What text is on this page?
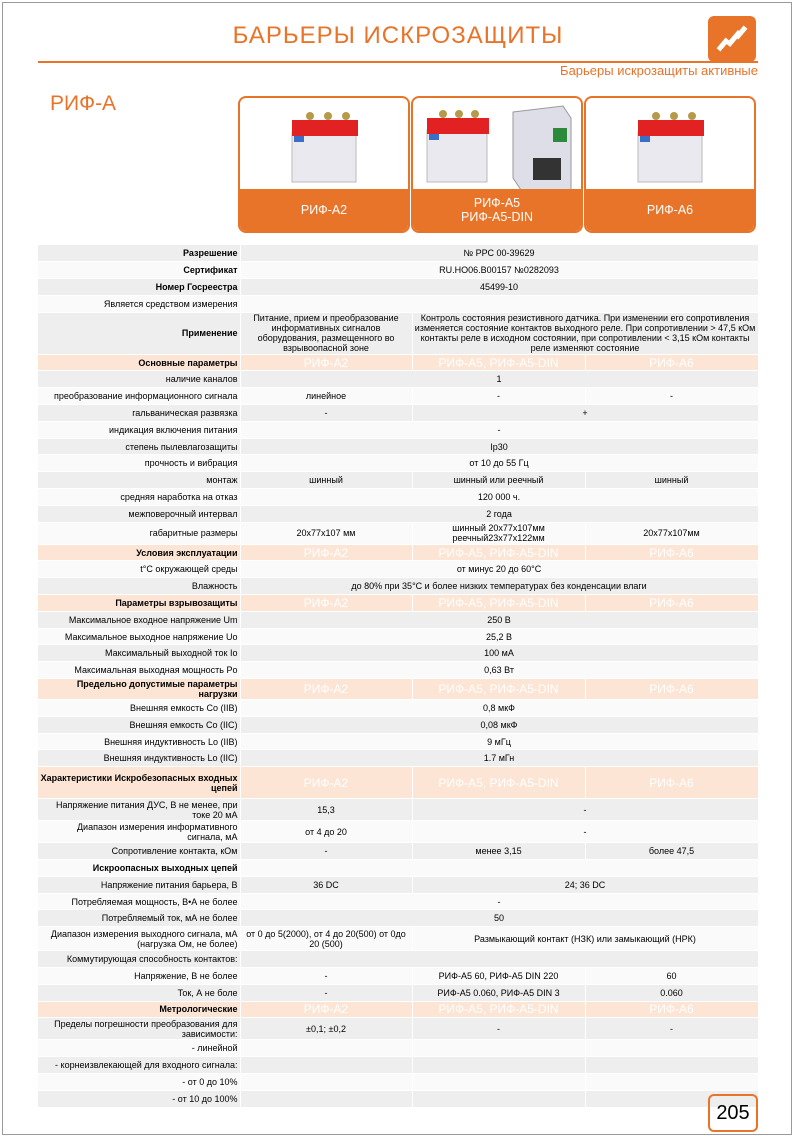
БАРЬЕРЫ ИСКРОЗАЩИТЫ
Барьеры искрозащиты активные
РИФ-А
РИФ-А2	РИФ-А5
РИФ-А5-DIN	РИФ-А6
Разрешение	№ РРС 00-39629		
Сертификат	RU.HO06.B00157 №0282093		
Номер Госреестра	45499-10		
Является средством измерения			
Применение	Питание, прием и преобразование информативных сигналов оборудования, размещенного во взрывоопасной зоне	Контроль состояния резистивного датчика. При изменении его сопротивления изменяется состояние контактов выходного реле. При сопротивлении > 47,5 кОм контакты реле в исходном состоянии, при сопротивлении < 3,15 кОм контакты реле изменяют состояние	
Основные параметры	РИФ-А2	РИФ-А5, РИФ-А5-DIN	РИФ-А6
наличие каналов	1		
преобразование информационного сигнала	линейное	-	-
гальваническая развязка	-	+	
индикация включения питания	-		
степень пылевлагозащиты	Ip30		
прочность и вибрация	от 10 до 55 Гц		
монтаж	шинный	шинный или реечный	шинный
средняя наработка на отказ	120 000 ч.		
межповерочный интервал	2 года		
габаритные размеры	20x77x107 мм	шинный 20x77x107мм реечный23x77x122мм	20x77x107мм
Условия эксплуатации	РИФ-А2	РИФ-А5, РИФ-А5-DIN	РИФ-А6
t°С окружающей среды	от минус 20 до 60°С		
Влажность	до 80% при 35°С и более низких температурах без конденсации влаги		
Параметры взрывозащиты	РИФ-А2	РИФ-А5, РИФ-А5-DIN	РИФ-А6
Максимальное входное напряжение Um	250 В		
Максимальное выходное напряжение Uo	25,2 В		
Максимальный выходной ток Io	100 мА		
Максимальная выходная мощность Po	0,63 Вт		
Предельно допустимые параметры нагрузки	РИФ-А2	РИФ-А5, РИФ-А5-DIN	РИФ-А6
Внешняя емкость Co (IIB)	0,8 мкФ		
Внешняя емкость Co (IIC)	0,08 мкФ		
Внешняя индуктивность Lo (IIB)	9 мГц		
Внешняя индуктивность Lo (IIC)	1.7 мГн		
Характеристики Искробезопасных входных цепей	РИФ-А2	РИФ-А5, РИФ-А5-DIN	РИФ-А6
Напряжение питания ДУС, В не менее, при токе 20 мА	15,3	-	
Диапазон измерения информативного сигнала, мА	от 4 до 20	-	
Сопротивление контакта, кОм	-	менее 3,15	более 47,5
Искроопасных выходных цепей			
Напряжение питания барьера, В	36 DC	24; 36 DC	
Потребляемая мощность, В•А не более	-		
Потребляемый ток, мА не более	50		
Диапазон измерения выходного сигнала, мА (нагрузка Ом, не более)	от 0 до 5(2000), от 4 до 20(500) от 0до 20 (500)	Размыкающий контакт (НЗК) или замыкающий (НРК)	
Коммутирующая способность контактов:			
Напряжение, В не более	-	РИФ-А5 60, РИФ-А5 DIN 220	60
Ток, А не боле	-	РИФ-А5 0.060, РИФ-А5 DIN 3	0.060
Метрологические	РИФ-А2	РИФ-А5, РИФ-А5-DIN	РИФ-А6
Пределы погрешности преобразования для зависимости:	±0,1; ±0,2	-	-
- линейной			
- корнеизвлекающей для входного сигнала:			
- от 0 до 10%			
- от 10 до 100%			
205
